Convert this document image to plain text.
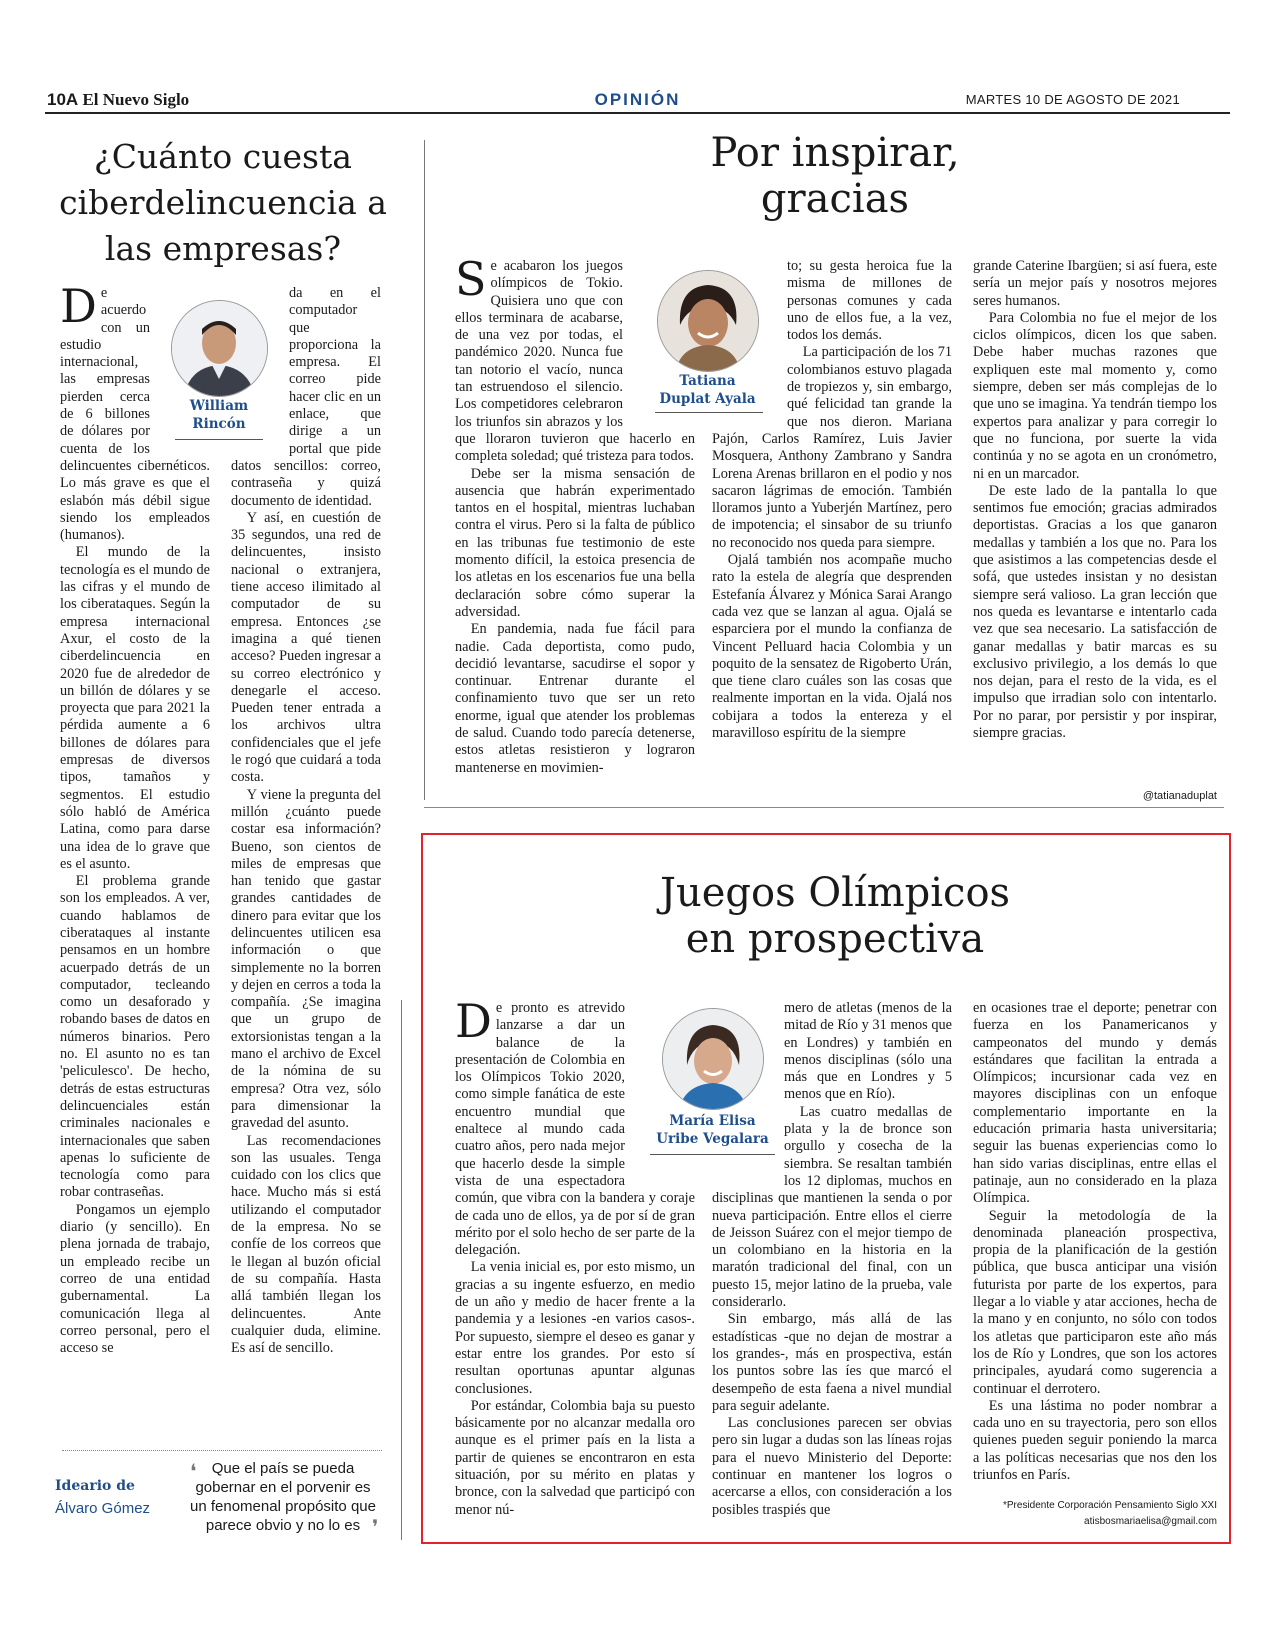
10A El Nuevo Siglo	OPINIÓN	MARTES 10 DE AGOSTO DE 2021
¿Cuánto cuesta ciberdelincuencia a las empresas?
William
Rincón
D e acuerdo con un estudio internacional, las empresas pierden cerca de 6 billones de dólares por cuenta de los delincuentes cibernéticos. Lo más grave es que el eslabón más débil sigue siendo los empleados (humanos).

El mundo de la tecnología es el mundo de las cifras y el mundo de los ciberataques. Según la empresa internacional Axur, el costo de la ciberdelincuencia en 2020 fue de alrededor de un billón de dólares y se proyecta que para 2021 la pérdida aumente a 6 billones de dólares para empresas de diversos tipos, tamaños y segmentos. El estudio sólo habló de América Latina, como para darse una idea de lo grave que es el asunto.

El problema grande son los empleados. A ver, cuando hablamos de ciberataques al instante pensamos en un hombre acuerpado detrás de un computador, tecleando como un desaforado y robando bases de datos en números binarios. Pero no. El asunto no es tan 'peliculesco'. De hecho, detrás de estas estructuras delincuenciales están criminales nacionales e internacionales que saben apenas lo suficiente de tecnología como para robar contraseñas.

Pongamos un ejemplo diario (y sencillo). En plena jornada de trabajo, un empleado recibe un correo de una entidad gubernamental. La comunicación llega al correo personal, pero el acceso se

da en el computador que proporciona la empresa. El correo pide hacer clic en un enlace, que dirige a un portal que pide datos sencillos: correo, contraseña y quizá documento de identidad.

Y así, en cuestión de 35 segundos, una red de delincuentes, insisto nacional o extranjera, tiene acceso ilimitado al computador de su empresa. Entonces ¿se imagina a qué tienen acceso? Pueden ingresar a su correo electrónico y denegarle el acceso. Pueden tener entrada a los archivos ultra confidenciales que el jefe le rogó que cuidará a toda costa.

Y viene la pregunta del millón ¿cuánto puede costar esa información? Bueno, son cientos de miles de empresas que han tenido que gastar grandes cantidades de dinero para evitar que los delincuentes utilicen esa información o que simplemente no la borren y dejen en cerros a toda la compañía. ¿Se imagina que un grupo de extorsionistas tengan a la mano el archivo de Excel de la nómina de su empresa? Otra vez, sólo para dimensionar la gravedad del asunto.

Las recomendaciones son las usuales. Tenga cuidado con los clics que hace. Mucho más si está utilizando el computador de la empresa. No se confíe de los correos que le llegan al buzón oficial de su compañía. Hasta allá también llegan los delincuentes. Ante cualquier duda, elimine. Es así de sencillo.

Ideario de
Álvaro Gómez
❛	Que el país se pueda gobernar en el porvenir es un fenomenal propósito que parece obvio y no lo es ❜
Por inspirar,
gracias
Tatiana
Duplat Ayala
S e acabaron los juegos olímpicos de Tokio. Quisiera uno que con ellos terminara de acabarse, de una vez por todas, el pandémico 2020. Nunca fue tan notorio el vacío, nunca tan estruendoso el silencio. Los competidores celebraron los triunfos sin abrazos y los que lloraron tuvieron que hacerlo en completa soledad; qué tristeza para todos.

Debe ser la misma sensación de ausencia que habrán experimentado tantos en el hospital, mientras luchaban contra el virus. Pero si la falta de público en las tribunas fue testimonio de este momento difícil, la estoica presencia de los atletas en los escenarios fue una bella declaración sobre cómo superar la adversidad.

En pandemia, nada fue fácil para nadie. Cada deportista, como pudo, decidió levantarse, sacudirse el sopor y continuar. Entrenar durante el confinamiento tuvo que ser un reto enorme, igual que atender los problemas de salud. Cuando todo parecía detenerse, estos atletas resistieron y lograron mantenerse en movimien-

to; su gesta heroica fue la misma de millones de personas comunes y cada uno de ellos fue, a la vez, todos los demás.

La participación de los 71 colombianos estuvo plagada de tropiezos y, sin embargo, qué felicidad tan grande la que nos dieron. Mariana Pajón, Carlos Ramírez, Luis Javier Mosquera, Anthony Zambrano y Sandra Lorena Arenas brillaron en el podio y nos sacaron lágrimas de emoción. También lloramos junto a Yuberjén Martínez, pero de impotencia; el sinsabor de su triunfo no reconocido nos queda para siempre.

Ojalá también nos acompañe mucho rato la estela de alegría que desprenden Estefanía Álvarez y Mónica Sarai Arango cada vez que se lanzan al agua. Ojalá se esparciera por el mundo la confianza de Vincent Pelluard hacia Colombia y un poquito de la sensatez de Rigoberto Urán, que tiene claro cuáles son las cosas que realmente importan en la vida. Ojalá nos cobijara a todos la entereza y el maravilloso espíritu de la siempre

grande Caterine Ibargüen; si así fuera, este sería un mejor país y nosotros mejores seres humanos.

Para Colombia no fue el mejor de los ciclos olímpicos, dicen los que saben. Debe haber muchas razones que expliquen este mal momento y, como siempre, deben ser más complejas de lo que uno se imagina. Ya tendrán tiempo los expertos para analizar y para corregir lo que no funciona, por suerte la vida continúa y no se agota en un cronómetro, ni en un marcador.

De este lado de la pantalla lo que sentimos fue emoción; gracias admirados deportistas. Gracias a los que ganaron medallas y también a los que no. Para los que asistimos a las competencias desde el sofá, que ustedes insistan y no desistan siempre será valioso. La gran lección que nos queda es levantarse e intentarlo cada vez que sea necesario. La satisfacción de ganar medallas y batir marcas es su exclusivo privilegio, a los demás lo que nos dejan, para el resto de la vida, es el impulso que irradian solo con intentarlo. Por no parar, por persistir y por inspirar, siempre gracias.

@tatianaduplat
Juegos Olímpicos
en prospectiva
María Elisa
Uribe Vegalara
D e pronto es atrevido lanzarse a dar un balance de la presentación de Colombia en los Olímpicos Tokio 2020, como simple fanática de este encuentro mundial que enaltece al mundo cada cuatro años, pero nada mejor que hacerlo desde la simple vista de una espectadora común, que vibra con la bandera y coraje de cada uno de ellos, ya de por sí de gran mérito por el solo hecho de ser parte de la delegación.

La venia inicial es, por esto mismo, un gracias a su ingente esfuerzo, en medio de un año y medio de hacer frente a la pandemia y a lesiones -en varios casos-. Por supuesto, siempre el deseo es ganar y estar entre los grandes. Por esto sí resultan oportunas apuntar algunas conclusiones.

Por estándar, Colombia baja su puesto básicamente por no alcanzar medalla oro aunque es el primer país en la lista a partir de quienes se encontraron en esta situación, por su mérito en platas y bronce, con la salvedad que participó con menor nú-

mero de atletas (menos de la mitad de Río y 31 menos que en Londres) y también en menos disciplinas (sólo una más que en Londres y 5 menos que en Río).

Las cuatro medallas de plata y la de bronce son orgullo y cosecha de la siembra. Se resaltan también los 12 diplomas, muchos en disciplinas que mantienen la senda o por nueva participación. Entre ellos el cierre de Jeisson Suárez con el mejor tiempo de un colombiano en la historia en la maratón tradicional del final, con un puesto 15, mejor latino de la prueba, vale considerarlo.

Sin embargo, más allá de las estadísticas -que no dejan de mostrar a los grandes-, más en prospectiva, están los puntos sobre las íes que marcó el desempeño de esta faena a nivel mundial para seguir adelante.

Las conclusiones parecen ser obvias pero sin lugar a dudas son las líneas rojas para el nuevo Ministerio del Deporte: continuar en mantener los logros o acercarse a ellos, con consideración a los posibles traspiés que

en ocasiones trae el deporte; penetrar con fuerza en los Panamericanos y campeonatos del mundo y demás estándares que facilitan la entrada a Olímpicos; incursionar cada vez en mayores disciplinas con un enfoque complementario importante en la educación primaria hasta universitaria; seguir las buenas experiencias como lo han sido varias disciplinas, entre ellas el patinaje, aun no considerado en la plaza Olímpica.

Seguir la metodología de la denominada planeación prospectiva, propia de la planificación de la gestión pública, que busca anticipar una visión futurista por parte de los expertos, para llegar a lo viable y atar acciones, hecha de la mano y en conjunto, no sólo con todos los atletas que participaron este año más los de Río y Londres, que son los actores principales, ayudará como sugerencia a continuar el derrotero.

Es una lástima no poder nombrar a cada uno en su trayectoria, pero son ellos quienes pueden seguir poniendo la marca a las políticas necesarias que nos den los triunfos en París.

*Presidente Corporación Pensamiento Siglo XXI
atisbosmariaelisa@gmail.com
